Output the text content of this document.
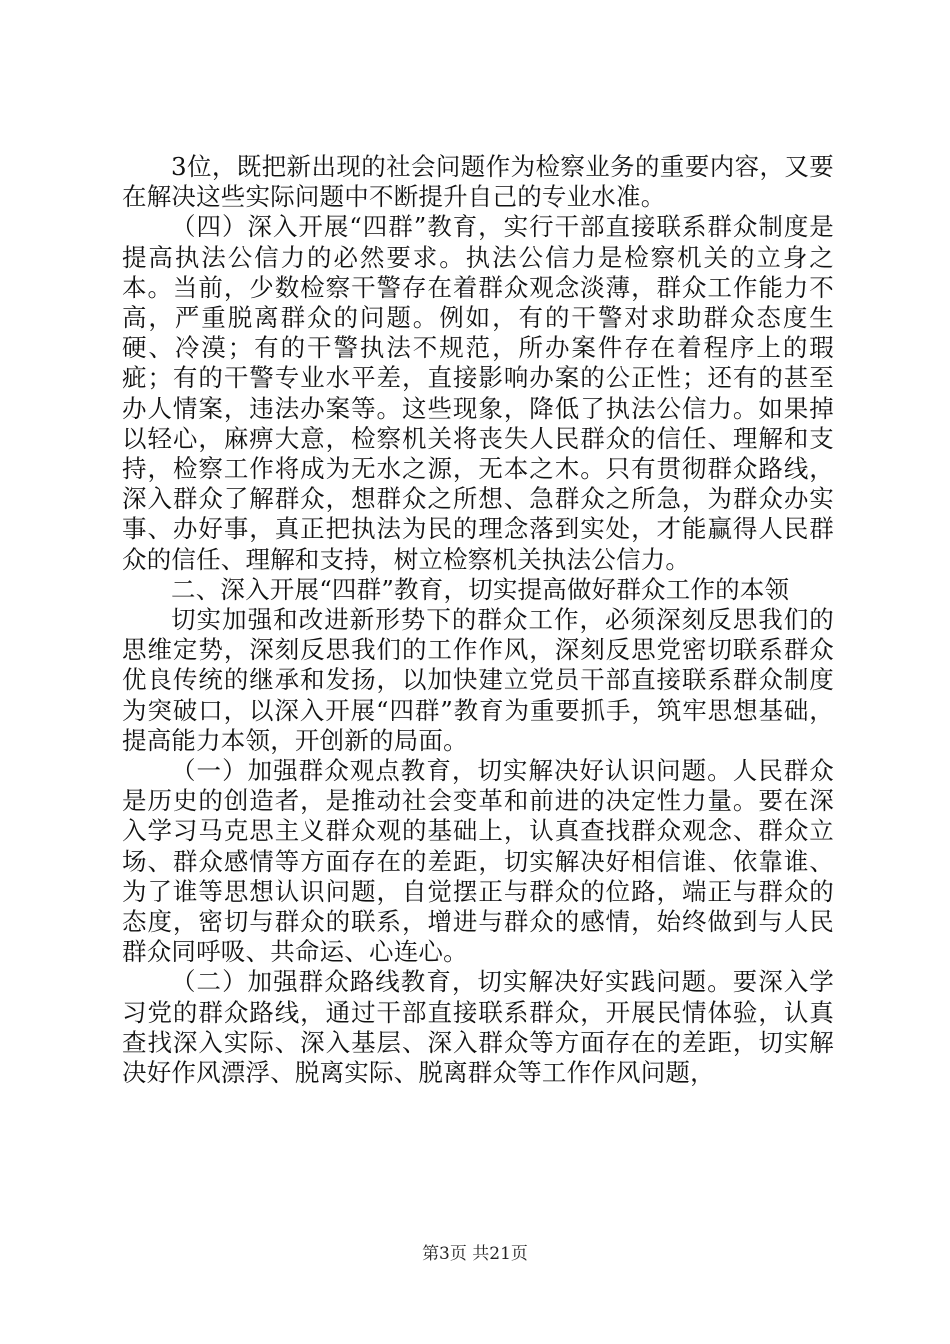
3位，既把新出现的社会问题作为检察业务的重要内容，又要在解决这些实际问题中不断提升自己的专业水准。

（四）深入开展“四群”教育，实行干部直接联系群众制度是提高执法公信力的必然要求。执法公信力是检察机关的立身之本。当前，少数检察干警存在着群众观念淡薄，群众工作能力不高，严重脱离群众的问题。例如，有的干警对求助群众态度生硬、冷漠；有的干警执法不规范，所办案件存在着程序上的瑕疵；有的干警专业水平差，直接影响办案的公正性；还有的甚至办人情案，违法办案等。这些现象，降低了执法公信力。如果掉以轻心，麻痹大意，检察机关将丧失人民群众的信任、理解和支持，检察工作将成为无水之源，无本之木。只有贯彻群众路线，深入群众了解群众，想群众之所想、急群众之所急，为群众办实事、办好事，真正把执法为民的理念落到实处，才能赢得人民群众的信任、理解和支持，树立检察机关执法公信力。

二、深入开展“四群”教育，切实提高做好群众工作的本领

切实加强和改进新形势下的群众工作，必须深刻反思我们的思维定势，深刻反思我们的工作作风，深刻反思党密切联系群众优良传统的继承和发扬，以加快建立党员干部直接联系群众制度为突破口，以深入开展“四群”教育为重要抓手，筑牢思想基础，提高能力本领，开创新的局面。

（一）加强群众观点教育，切实解决好认识问题。人民群众是历史的创造者，是推动社会变革和前进的决定性力量。要在深入学习马克思主义群众观的基础上，认真查找群众观念、群众立场、群众感情等方面存在的差距，切实解决好相信谁、依靠谁、为了谁等思想认识问题，自觉摆正与群众的位路，端正与群众的态度，密切与群众的联系，增进与群众的感情，始终做到与人民群众同呼吸、共命运、心连心。

（二）加强群众路线教育，切实解决好实践问题。要深入学习党的群众路线，通过干部直接联系群众，开展民情体验，认真查找深入实际、深入基层、深入群众等方面存在的差距，切实解决好作风漂浮、脱离实际、脱离群众等工作作风问题，

第3页 共21页
